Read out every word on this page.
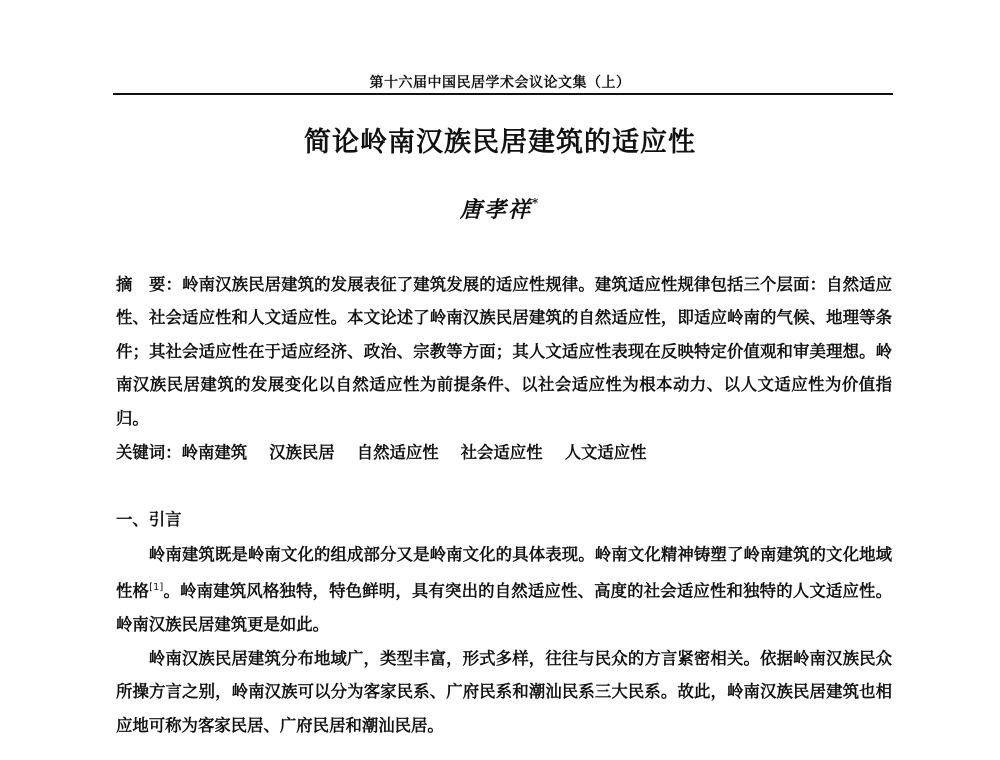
第十六届中国民居学术会议论文集（上）
简论岭南汉族民居建筑的适应性
唐孝祥*
摘　要：岭南汉族民居建筑的发展表征了建筑发展的适应性规律。建筑适应性规律包括三个层面：自然适应性、社会适应性和人文适应性。本文论述了岭南汉族民居建筑的自然适应性，即适应岭南的气候、地理等条件；其社会适应性在于适应经济、政治、宗教等方面；其人文适应性表现在反映特定价值观和审美理想。岭南汉族民居建筑的发展变化以自然适应性为前提条件、以社会适应性为根本动力、以人文适应性为价值指归。
关键词：岭南建筑 汉族民居 自然适应性 社会适应性 人文适应性
一、引言

岭南建筑既是岭南文化的组成部分又是岭南文化的具体表现。岭南文化精神铸塑了岭南建筑的文化地域性格[1]。岭南建筑风格独特，特色鲜明，具有突出的自然适应性、高度的社会适应性和独特的人文适应性。岭南汉族民居建筑更是如此。

岭南汉族民居建筑分布地域广，类型丰富，形式多样，往往与民众的方言紧密相关。依据岭南汉族民众所操方言之别，岭南汉族可以分为客家民系、广府民系和潮汕民系三大民系。故此，岭南汉族民居建筑也相应地可称为客家民居、广府民居和潮汕民居。
